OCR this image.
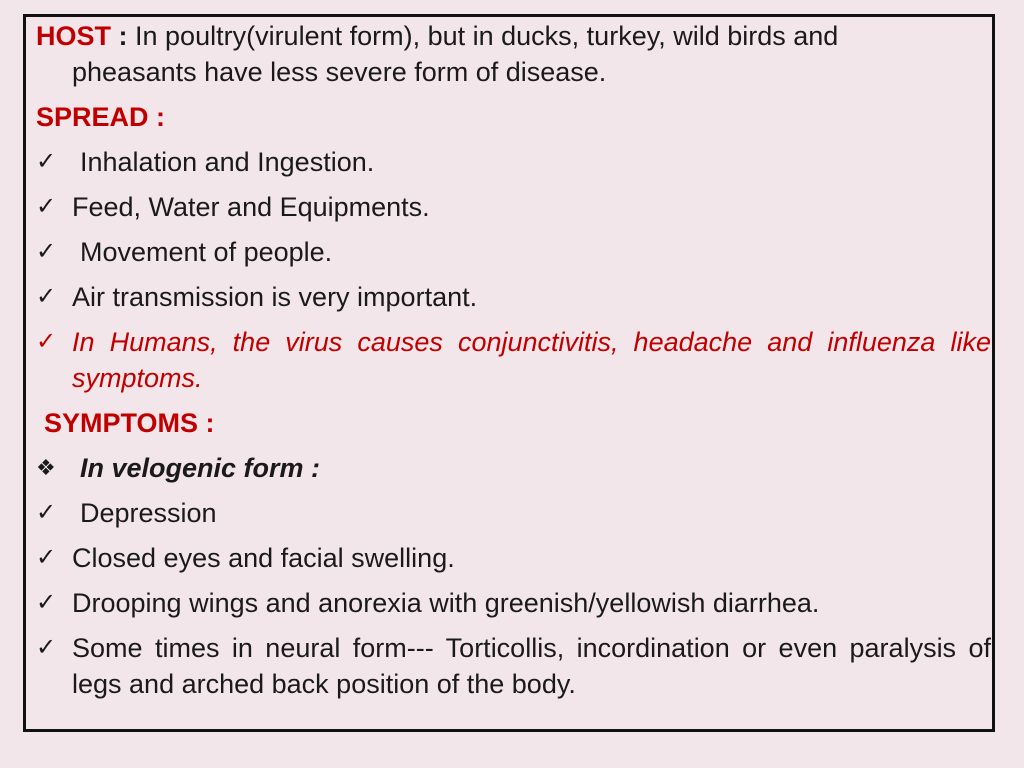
HOST : In poultry(virulent form), but in ducks, turkey, wild birds and
pheasants have less severe form of disease.
SPREAD :
✓ Inhalation and Ingestion.
✓ Feed, Water and Equipments.
✓ Movement of people.
✓ Air transmission is very important.
✓ In Humans, the virus causes conjunctivitis, headache and influenza like symptoms.
SYMPTOMS :
❖ In velogenic form :
✓ Depression
✓ Closed eyes and facial swelling.
✓ Drooping wings and anorexia with greenish/yellowish diarrhea.
✓ Some times in neural form--- Torticollis, incordination or even paralysis of legs and arched back position of the body.
